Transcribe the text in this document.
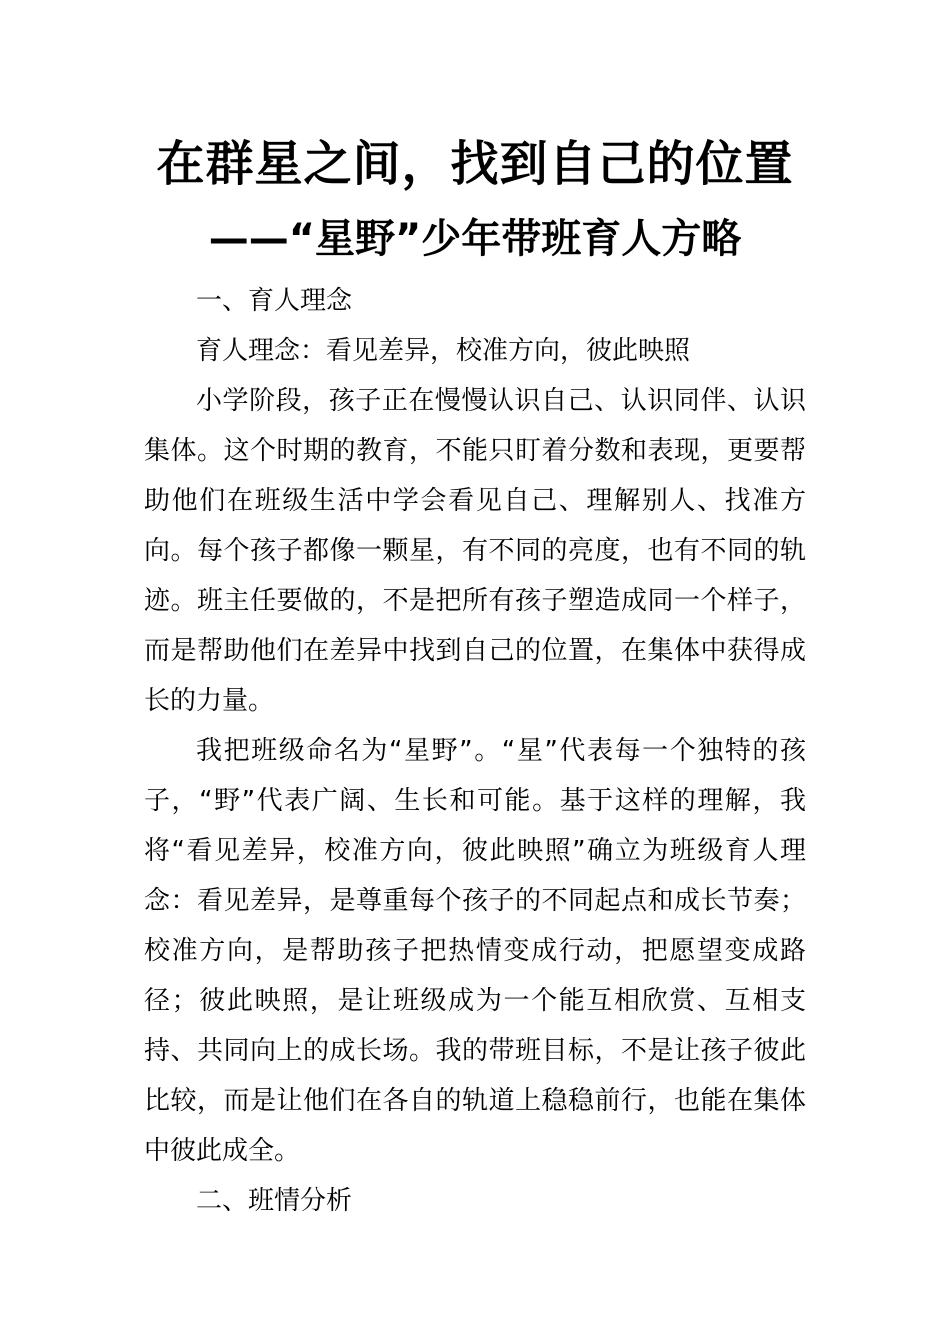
在群星之间，找到自己的位置
——“星野”少年带班育人方略

一、育人理念

育人理念：看见差异，校准方向，彼此映照

小学阶段，孩子正在慢慢认识自己、认识同伴、认识集体。这个时期的教育，不能只盯着分数和表现，更要帮助他们在班级生活中学会看见自己、理解别人、找准方向。每个孩子都像一颗星，有不同的亮度，也有不同的轨迹。班主任要做的，不是把所有孩子塑造成同一个样子，而是帮助他们在差异中找到自己的位置，在集体中获得成长的力量。

我把班级命名为“星野”。“星”代表每一个独特的孩子，“野”代表广阔、生长和可能。基于这样的理解，我将“看见差异，校准方向，彼此映照”确立为班级育人理念：看见差异，是尊重每个孩子的不同起点和成长节奏；校准方向，是帮助孩子把热情变成行动，把愿望变成路径；彼此映照，是让班级成为一个能互相欣赏、互相支持、共同向上的成长场。我的带班目标，不是让孩子彼此比较，而是让他们在各自的轨道上稳稳前行，也能在集体中彼此成全。

二、班情分析
